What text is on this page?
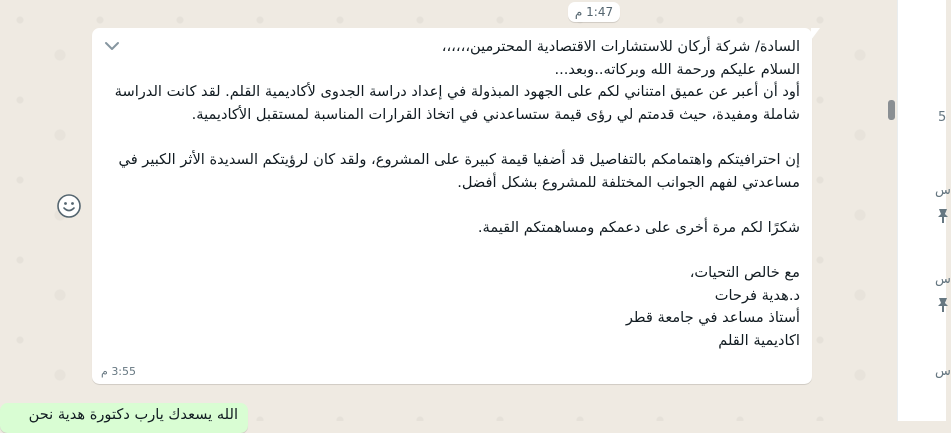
1:47 م
السادة/ شركة أركان للاستشارات الاقتصادية المحترمين،،،،،،
السلام عليكم ورحمة الله وبركاته..وبعد...
أود أن أعبر عن عميق امتناني لكم على الجهود المبذولة في إعداد دراسة الجدوى لأكاديمية القلم. لقد كانت الدراسة شاملة ومفيدة، حيث قدمتم لي رؤى قيمة ستساعدني في اتخاذ القرارات المناسبة لمستقبل الأكاديمية.

إن احترافيتكم واهتمامكم بالتفاصيل قد أضفيا قيمة كبيرة على المشروع، ولقد كان لرؤيتكم السديدة الأثر الكبير في مساعدتي لفهم الجوانب المختلفة للمشروع بشكل أفضل.

شكرًا لكم مرة أخرى على دعمكم ومساهمتكم القيمة.

مع خالص التحيات،
د.هدية فرحات
أستاذ مساعد في جامعة قطر
اكاديمية القلم
3:55 م
الله يسعدك يارب دكتورة هدية نحن
5
س
س
س
